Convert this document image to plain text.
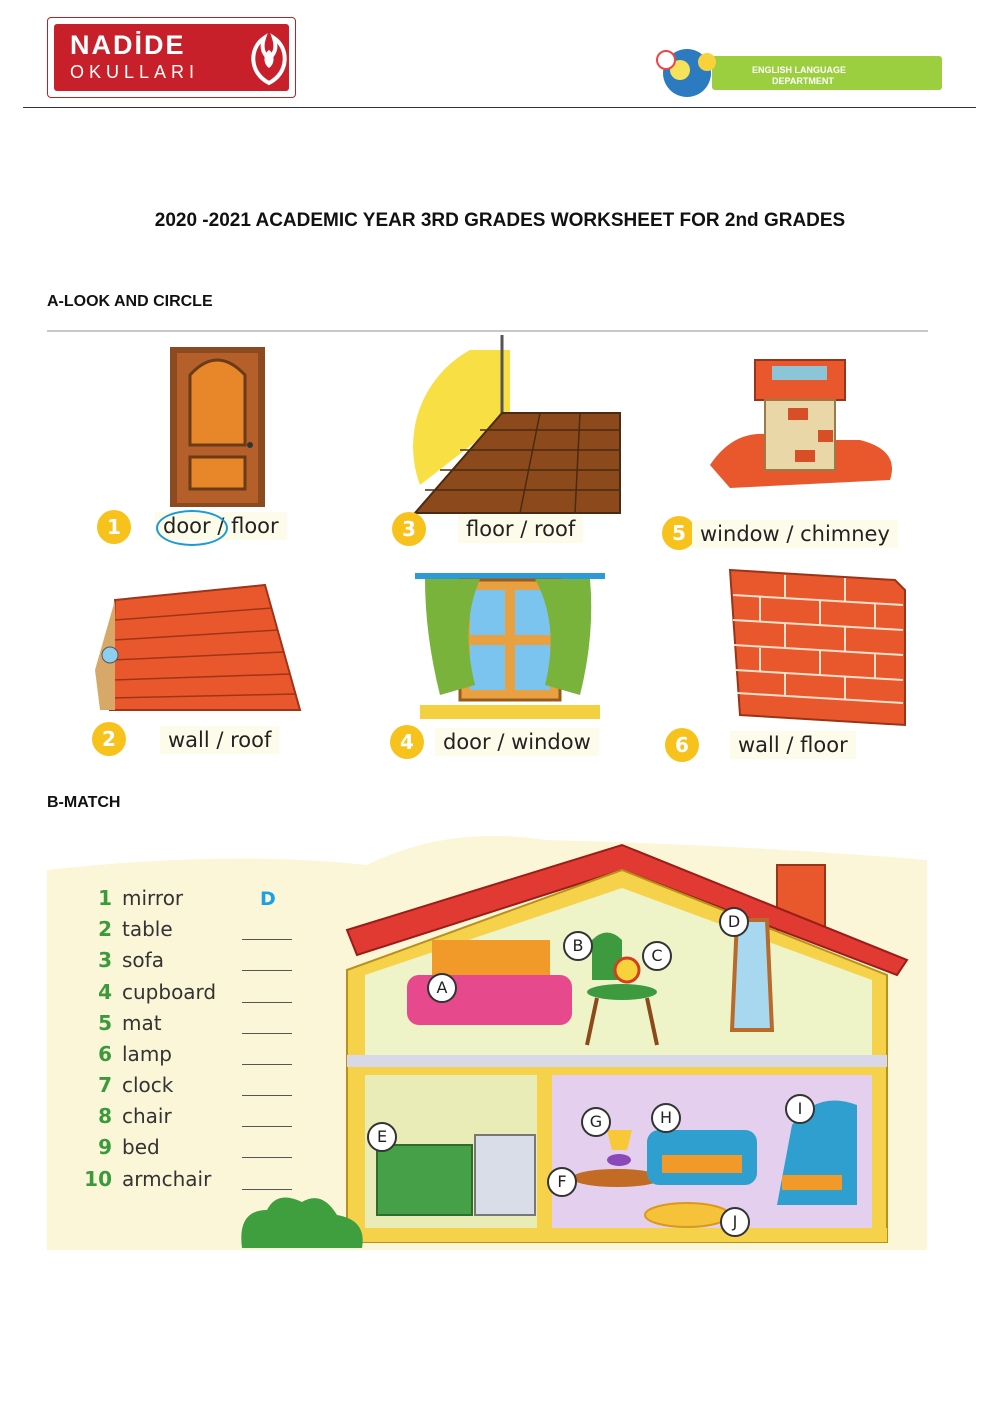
NADİDE
OKULLARI	ENGLISH LANGUAGE
DEPARTMENT
2020 -2021 ACADEMIC YEAR 3RD GRADES WORKSHEET FOR 2nd GRADES
A-LOOK AND CIRCLE
1	door / floor
2	wall / roof
3	floor / roof
4	door / window
5 window / chimney
6	wall / floor
B-MATCH
A
B
C
D
E
F
G	H	I
J
1 mirror	D
2 table
3 sofa
4 cupboard
5 mat
6 lamp
7 clock
8 chair
9 bed
10 armchair
